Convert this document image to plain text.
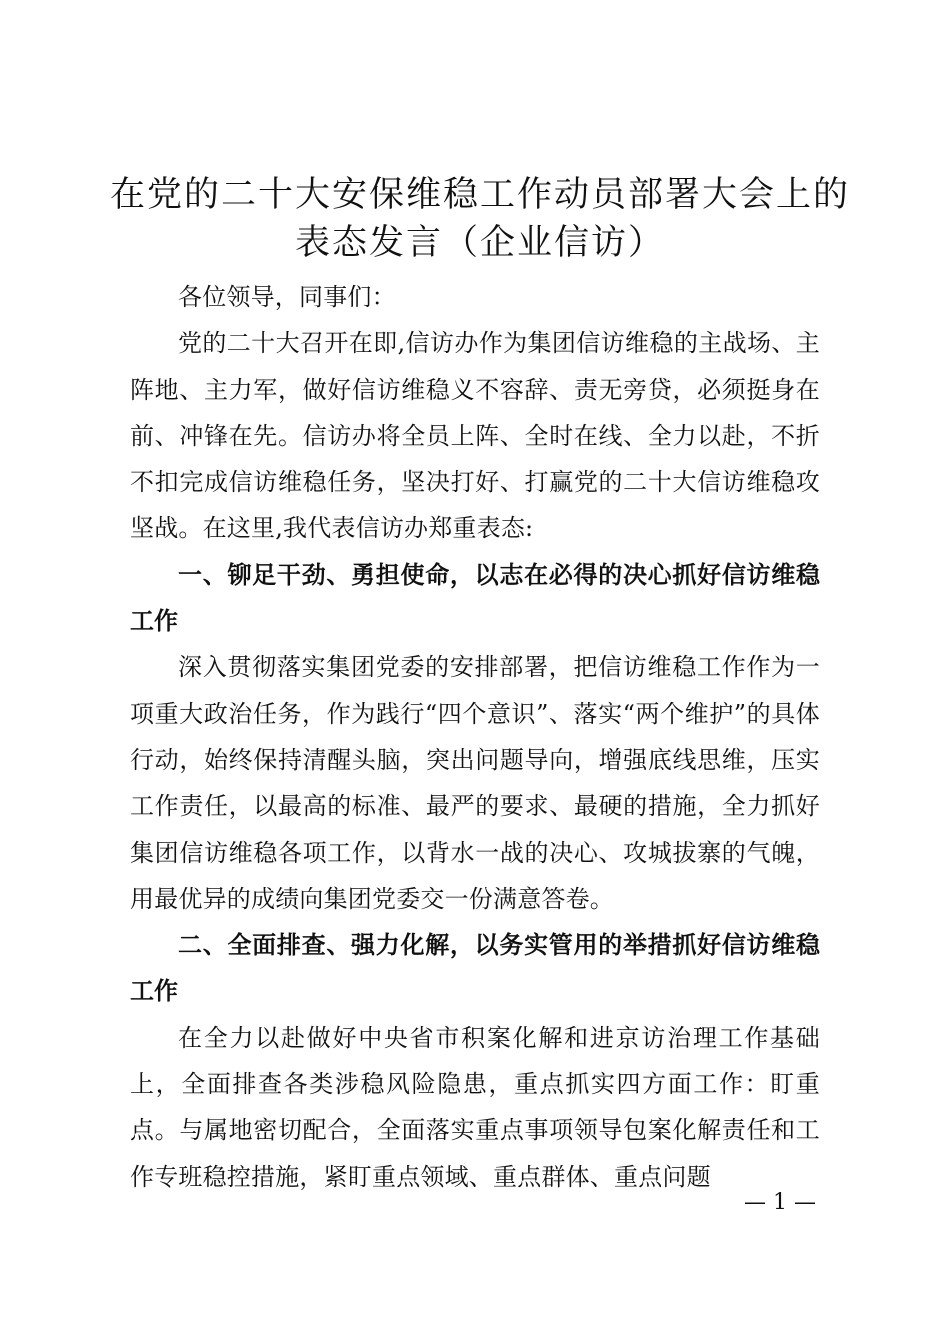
在党的二十大安保维稳工作动员部署大会上的
表态发言（企业信访）

各位领导，同事们：

党的二十大召开在即,信访办作为集团信访维稳的主战场、主阵地、主力军，做好信访维稳义不容辞、责无旁贷，必须挺身在前、冲锋在先。信访办将全员上阵、全时在线、全力以赴，不折不扣完成信访维稳任务，坚决打好、打赢党的二十大信访维稳攻坚战。在这里,我代表信访办郑重表态:

一、铆足干劲、勇担使命，以志在必得的决心抓好信访维稳工作

深入贯彻落实集团党委的安排部署，把信访维稳工作作为一项重大政治任务，作为践行“四个意识”、落实“两个维护”的具体行动，始终保持清醒头脑，突出问题导向，增强底线思维，压实工作责任，以最高的标准、最严的要求、最硬的措施，全力抓好集团信访维稳各项工作，以背水一战的决心、攻城拔寨的气魄，用最优异的成绩向集团党委交一份满意答卷。

二、全面排查、强力化解，以务实管用的举措抓好信访维稳工作

在全力以赴做好中央省市积案化解和进京访治理工作基础上，全面排查各类涉稳风险隐患，重点抓实四方面工作：盯重点。与属地密切配合，全面落实重点事项领导包案化解责任和工作专班稳控措施，紧盯重点领域、重点群体、重点问题

— 1 —
